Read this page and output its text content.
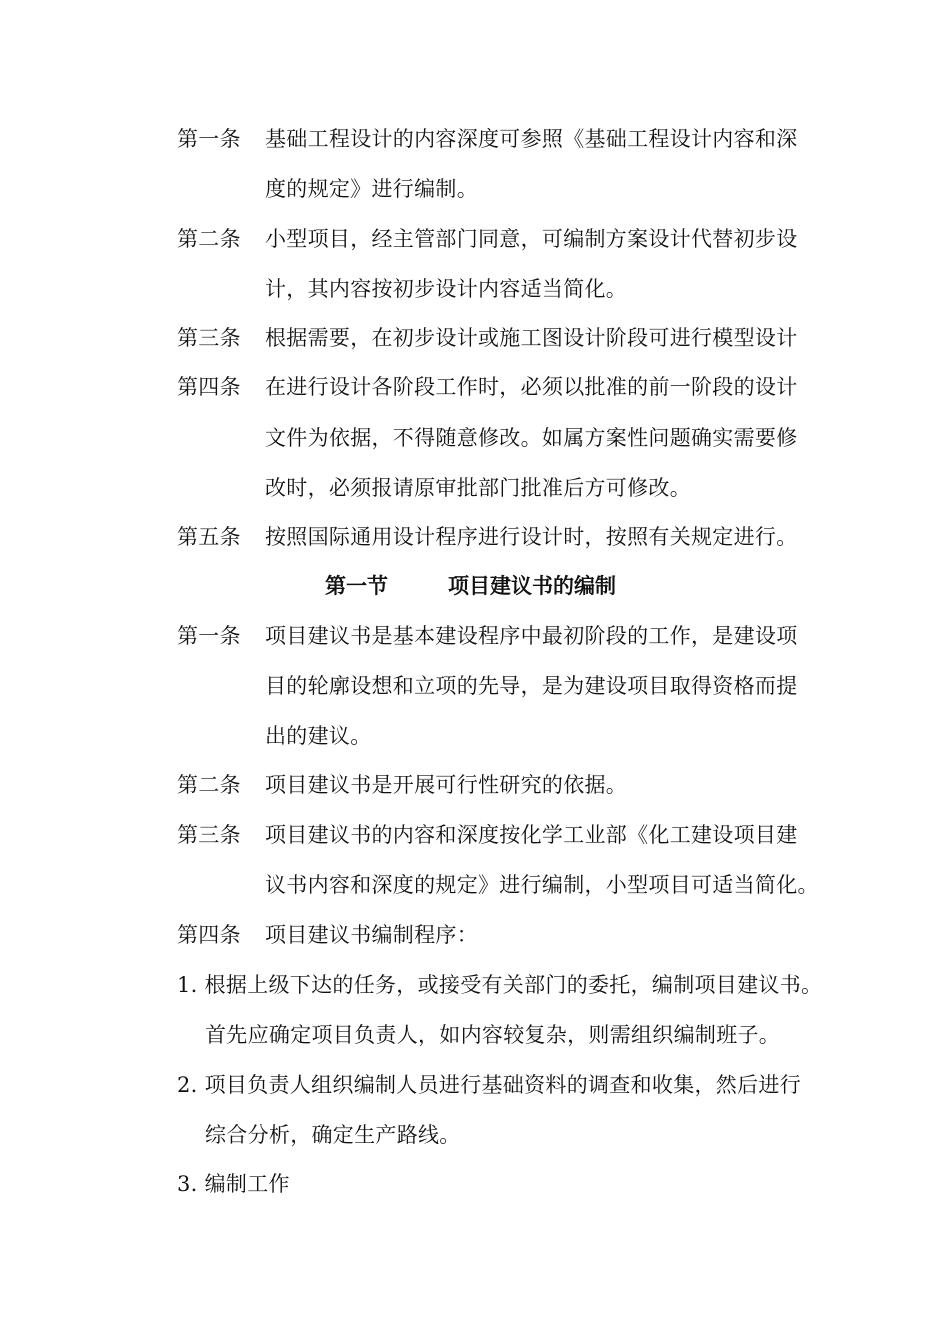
第一条 基础工程设计的内容深度可参照《基础工程设计内容和深
度的规定》进行编制。
第二条 小型项目，经主管部门同意，可编制方案设计代替初步设
计，其内容按初步设计内容适当简化。
第三条 根据需要，在初步设计或施工图设计阶段可进行模型设计
第四条 在进行设计各阶段工作时，必须以批准的前一阶段的设计
文件为依据，不得随意修改。如属方案性问题确实需要修
改时，必须报请原审批部门批准后方可修改。
第五条 按照国际通用设计程序进行设计时，按照有关规定进行。
第一节	项目建议书的编制
第一条 项目建议书是基本建设程序中最初阶段的工作，是建设项
目的轮廓设想和立项的先导，是为建设项目取得资格而提
出的建议。
第二条 项目建议书是开展可行性研究的依据。
第三条 项目建议书的内容和深度按化学工业部《化工建设项目建
议书内容和深度的规定》进行编制，小型项目可适当简化。
第四条 项目建议书编制程序：
1. 根据上级下达的任务，或接受有关部门的委托，编制项目建议书。
首先应确定项目负责人，如内容较复杂，则需组织编制班子。
2. 项目负责人组织编制人员进行基础资料的调查和收集，然后进行
综合分析，确定生产路线。
3. 编制工作
